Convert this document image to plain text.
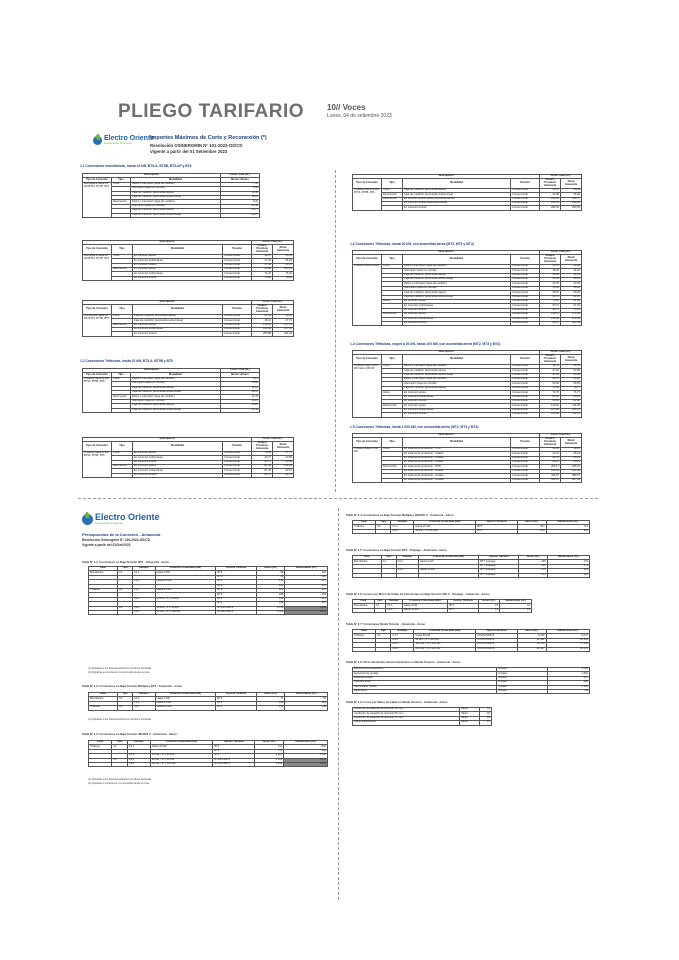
PLIEGO TARIFARIO	10// Voces
Lunes, 04 de setiembre 2023
Electro Oriente
Generando Progreso
Importes Máximos de Corte y Reconexión (*)
Resolución OSINERGMIN N° 101-2022-OS/CD
Vigente a partir del 01 Setiembre 2023
1.1 Conexiones monofásicas, hasta 10 kW, BT5-A, BT5B, BT5-AP y BT6
Descripción			Costo Total (S/.)
Tipo de Conexión	Tipo	Modalidad	Monto Urbano
Monofásica hasta 10 kW BT5A, BT5B, BT6	Corte	Retiro e interruptor (tapa de medidor)	7.53
		Interruptor (tapa con tornillo)	9.38
		Caja de medición (acometida aérea)	13.45
		Caja de medición (acometida subterránea)	18.15
	Reconexión	Retiro e interruptor (tapa de medidor)	9.47
		Interruptor (tapa con tornillo)	11.44
		Caja de medición (acometida aérea)	15.77
		Caja de medición (acometida subterránea)	24.97
Descripción				Costo Total (S/.)	
Tipo de Conexión	Tipo	Modalidad	Tensión	Urbano Provincia Amazonía	Rural Amazonía
Monofásica hasta 10 kW BT5A, BT5B, BT6	Corte	En conexión aérea	Convencional	34.37	35.53
		En conexión subterránea	Convencional	37.26	36.29
		En conexión interior	Convencional	37.96	38.35
	Reconexión	En conexión aérea	Convencional	84.39	105.81
		En conexión subterránea	Convencional	71.34	76.44
		En conexión interior	Convencional	75.49	76.20
Descripción				Costo Total (S/.)	
Tipo de Conexión	Tipo	Modalidad	Tensión	Urbano Provincia Amazonía	Rural Amazonía
Monofásica hasta 10 kW BT5A, BT5B, BT6	Corte	Caja de medición (acometida aérea)	Convencional	27.13	28.55
		Caja de medición (acometida subterránea)	Convencional	26.13	27.71
	Reconexión	En conexión aérea	Convencional	212.86	217.54
		En conexión subterránea	Convencional	212.86	217.54
		En conexión interior	Convencional	255.88	261.44
1.2 Conexiones Trifásicas, hasta 10 kW, BT5-A, BT5B y BT6
Descripción			Costo Total (S/.)
Tipo de Conexión	Tipo	Modalidad	Monto Urbano
Trifásica hasta 10 kW BT5A, BT5B, BT6	Corte	Retiro e interruptor (tapa de medidor)	8.27
		Interruptor (tapa con tornillo)	10.80
		Caja de medición (acometida aérea)	11.12
		Caja de medición (acometida subterránea)	28.47
	Reconexión	Retiro e interruptor (tapa de medidor)	12.76
		Interruptor (tapa con tornillo)	14.13
		Caja de medición (acometida aérea)	15.10
		Caja de medición (acometida subterránea)	31.40
Descripción				Costo Total (S/.)	
Tipo de Conexión	Tipo	Modalidad	Tensión	Urbano Provincia Amazonía	Rural Amazonía
Trifásica hasta 10 kW BT5A, BT5B, BT6	Corte	En conexión aérea	Convencional	75.34	27.77
		En conexión subterránea	Convencional	43.77	43.84
		En conexión interior	Convencional	43.77	43.84
	Reconexión	En conexión aérea	Convencional	111.92	132.65
		En conexión subterránea	Convencional	81.37	82.31
		En conexión interior	Convencional	81.37	82.73
Descripción				Costo Total (S/.)	
Tipo de Conexión	Tipo	Modalidad	Tensión	Urbano Provincia Amazonía	Rural Amazonía
Trifásica hasta 10 kW BT5A, BT5B, BT6	Corte	Caja de medición (acometida aérea)	Convencional	23.07	25.09
	Reconexión	Caja de medición (acometida subterránea)	Convencional	23.98	26.46
	Reconexión	En conexión subterránea (acometida aérea)	Convencional	234.64	240.77
		En conexión subterránea (acometida)	Convencional	234.64	239.48
		En conexión interior	Convencional	282.03	290.53
1.3 Conexiones Trifásicas, hasta 20 kW, con acometida aérea (MT2, MT3 y MT4)
Descripción				Costo Total (S/.)	
Tipo de Conexión	Tipo	Modalidad	Tensión	Urbano Provincia Amazonía	Rural Amazonía
Trifásica hasta 20 kW	Corte	Retiro e interruptor (tapa de medidor)	Convencional	30.75	32.38
		Interruptor (tapa con tornillo)	Convencional	36.20	36.44
		Caja de medición (acometida aérea)	Convencional	36.44	40.51
		Caja de medición (acometida subterránea)	Convencional	41.81	44.05
		Retiro e interruptor (tapa de medidor)	Convencional	41.81	44.05
		Interruptor (tapa con tornillo)	Convencional	55.34	58.62
		Caja de medición (acometida aérea)	Convencional	55.87	59.32
		Caja de medición (acometida subterránea)	Convencional	60.71	62.10
	Aéreo	En conexión aérea	Convencional	75.82	81.69
		En conexión subterránea	Convencional	63.71	67.94
		En conexión interior	Convencional	68.77	73.24
	Reconexión	En conexión aérea	Convencional	138.70	171.85
		En conexión subterránea	Convencional	148.48	156.45
		En conexión interior	Convencional	96.17	103.45
1.4 Conexiones Trifásicas, mayor a 20 kW, hasta 100 kW, con acometida aérea (MT2, MT3 y MT4)
Descripción				Costo Total (S/.)	
Tipo de Conexión	Tipo	Modalidad	Tensión	Urbano Provincia Amazonía	Rural Amazonía
Trifásica mayor a 20 kW hasta 100 kW	Corte	Retiro e interruptor (tapa de medidor)	Convencional	39.73	41.01
		Caja de medición (acometida aérea)	Convencional	47.61	50.05
		Caja de medición (acometida subterránea)	Convencional	47.61	49.48
		Retiro e interruptor (tapa de medidor)	Convencional	60.57	63.26
		Interruptor (tapa con tornillo)	Convencional	64.54	68.52
		Caja de medición (acometida aérea)	Convencional	72.64	74.77
	Aéreo	En conexión aérea	Convencional	73.70	76.77
		En conexión subterránea	Convencional	84.63	85.60
		En conexión interior	Convencional	84.63	82.96
	Reconexión	En conexión aérea	Convencional	139.81	146.45
		En conexión subterránea	Convencional	105.86	103.70
		En conexión interior	Convencional	105.86	112.10
1.5 Conexiones Trifásicas, hasta 2 000 kW, con acometida aérea (MT2, MT3 y MT4)
Descripción				Costo Total (S/.)	
Tipo de Conexión	Tipo	Modalidad	Tensión	Urbano Provincia Amazonía	Rural Amazonía
Trifásica hasta 2 000 kW	Corte	En sistema de protección - PPD	Convencional	36.60	38.15
		En sistema de protección - Cables	Convencional	44.37	45.19
		En sistema de protección - Celdas	Convencional	44.37	45.19
		En sistema de protección - Cables	Convencional	44.37	45.19
	Reconexión	En sistema de protección - PPD	Convencional	252.17	268.72
		En sistema de protección - Cables	Convencional	108.44	144.45
		En sistema de protección - Celdas	Convencional	366.87	389.67
		En sistema de protección - Celdas	Convencional	366.87	387.89
Electro Oriente
Generando Progreso
Presupuestos de la Conexión - Amazonía
Resolución Osinergmin N° 136-2023-OS/CD
Vigente a partir del 01/Set/2023
Tabla N° 2.1: Conexiones en Baja Tensión BT5 - Amazonía - Aéreo
Fase	Tipo	Subtipo	Potencia Conectada (kW)	Opción Tarifaria	Aéreo (S/.)	Subterráneo (S/.)
Monofásica	C1	C1.1	Hasta 3 kW	BT5	98	120
				BT6	98	120
		C1.2	Hasta 10 kW	BT5	143	157
				BT6	143	157
Trifásica	C2	C2.1	Hasta 10 kW	BT5	286	315
				BT6	286	315
		C2.2	10 kW < P ≤ 20 kW	BT5	338	367
				BT6	338	367
	C3	C3.1	20 kW < P ≤ 50 kW	BT2/BT3/BT4	2 105	2 483
		C3.2	50 kW < P ≤ 100 kW	BT2/BT3/BT4	3 115	3 872
(1) Aplicables a los Sistemas Eléctricos de Menor Densidad
(2) Aplicables a conexiones con acometida desde el poste
Tabla N° 2.2: Conexiones en Baja Tensión Múltiples BT5 - Amazonía - Aéreo
Fase	Tipo	Subtipo	Potencia Conectada (kW)	Opción Tarifaria	Aéreo (S/.)	Subterráneo (S/.)
Monofásica	C1	C1.1	Hasta 3 kW	BT5	71	84
		C1.2	Hasta 10 kW	BT5	103	116
Trifásica	C2	C2.1	Hasta 10 kW	BT5	231	249
(1) Aplicables a los Sistemas Eléctricos de Menor Densidad
Tabla N° 2.3: Conexiones en Baja Tensión 380/220 V - Amazonía - Aéreo
Fase	Tipo	Subtipo	Potencia Conectada (kW)	Opción Tarifaria	Aéreo (S/.)	Subterráneo (S/.)
Trifásica	C2	C2.1	Hasta 10 kW	BT5	710	832
				BT6	710	832
		C2.2	10 kW < P ≤ 20 kW	BT5	1 021	1 118
	C3	C3.1	20 kW < P ≤ 50 kW	BT2/BT3/BT4	2 313	2 647
		C3.2	50 kW < P ≤ 100 kW	BT2/BT3/BT4	3 449	4 087
(1) Aplicables a los Sistemas Eléctricos de Menor Densidad
(2) Aplicables a conexiones con acometida desde el poste
Tabla N° 2.4: Conexiones en Baja Tensión Múltiples 380/220 V - Amazonía - Aéreo
Fase	Tipo	Subtipo	Potencia Conectada (kW)	Opción Tarifaria	Aéreo (S/.)	Subterráneo (S/.)
Trifásica	C2	C2.1	Hasta 10 kW	BT5	607	713
		C2.2	10 kW < P ≤ 20 kW	BT5	834	916
Tabla N° 2.5: Conexiones en Baja Tensión BT5 - Prepago - Amazonía - Aéreo
Fase	Tipo	Subtipo	Potencia Conectada (kW)	Opción Tarifaria	Aéreo (S/.)	Subterráneo (S/.)
Monofásica	C1	C1.1	Hasta 3 kW	BT7 prepago	245	274
				BT7 prepago	245	274
		C1.2	Hasta 10 kW	BT7 prepago	275	312
				BT7 prepago	275	312
Tabla N° 2.6: Costos por Metro de Cable de Conexiones en Baja Tensión 220 V - Prepago - Amazonía - Aéreo
Fase	Tipo	Subtipo	Potencia Conectada (kW)	Opción Tarifaria	Aéreo (S/.)	Subterráneo (S/.)
Monofásica	C1	C1.1	Hasta 3 kW	BT7	10	12
		C1.2	Hasta 10 kW	BT7	13	15
Tabla N° 2.7: Conexiones Media Tensión - Amazonía - Aéreo
Fase	Tipo	Subtipo	Potencia Conectada (kW)	Opción Tarifaria	Aéreo (S/.)	Subterráneo (S/.)
Trifásica	C4	C4.1	Hasta 50 kW	MT2/MT3/MT4	8 245	9 027
		C4.2	50 kW < P ≤ 100 kW	MT2/MT3/MT4	11 382	12 441
		C4.3	100 kW < P ≤ 250 kW	MT2/MT3/MT4	15 730	17 206
		C4.4	250 kW < P ≤ 500 kW	MT2/MT3/MT4	21 487	23 474
Tabla N° 2.8: Otros Elementos Electromecánicos en Media Tensión - Amazonía - Aéreo
Estructura de suspensión	Unidad	1 264
Estructura de anclaje	Unidad	1 892
Retenida simple	Unidad	617
Puesta a tierra	Unidad	498
Seccionador fusible	Unidad	1 105
Pararrayos	Unidad	742
Tabla N° 2.9: Costo por Metro de Cable en Media Tensión - Amazonía - Aéreo
Conductor de aleación de aluminio 35 mm²	Metro	14
Conductor de aleación de aluminio 50 mm²	Metro	18
Conductor de aleación de aluminio 70 mm²	Metro	23
Cable autoportante	Metro	27
